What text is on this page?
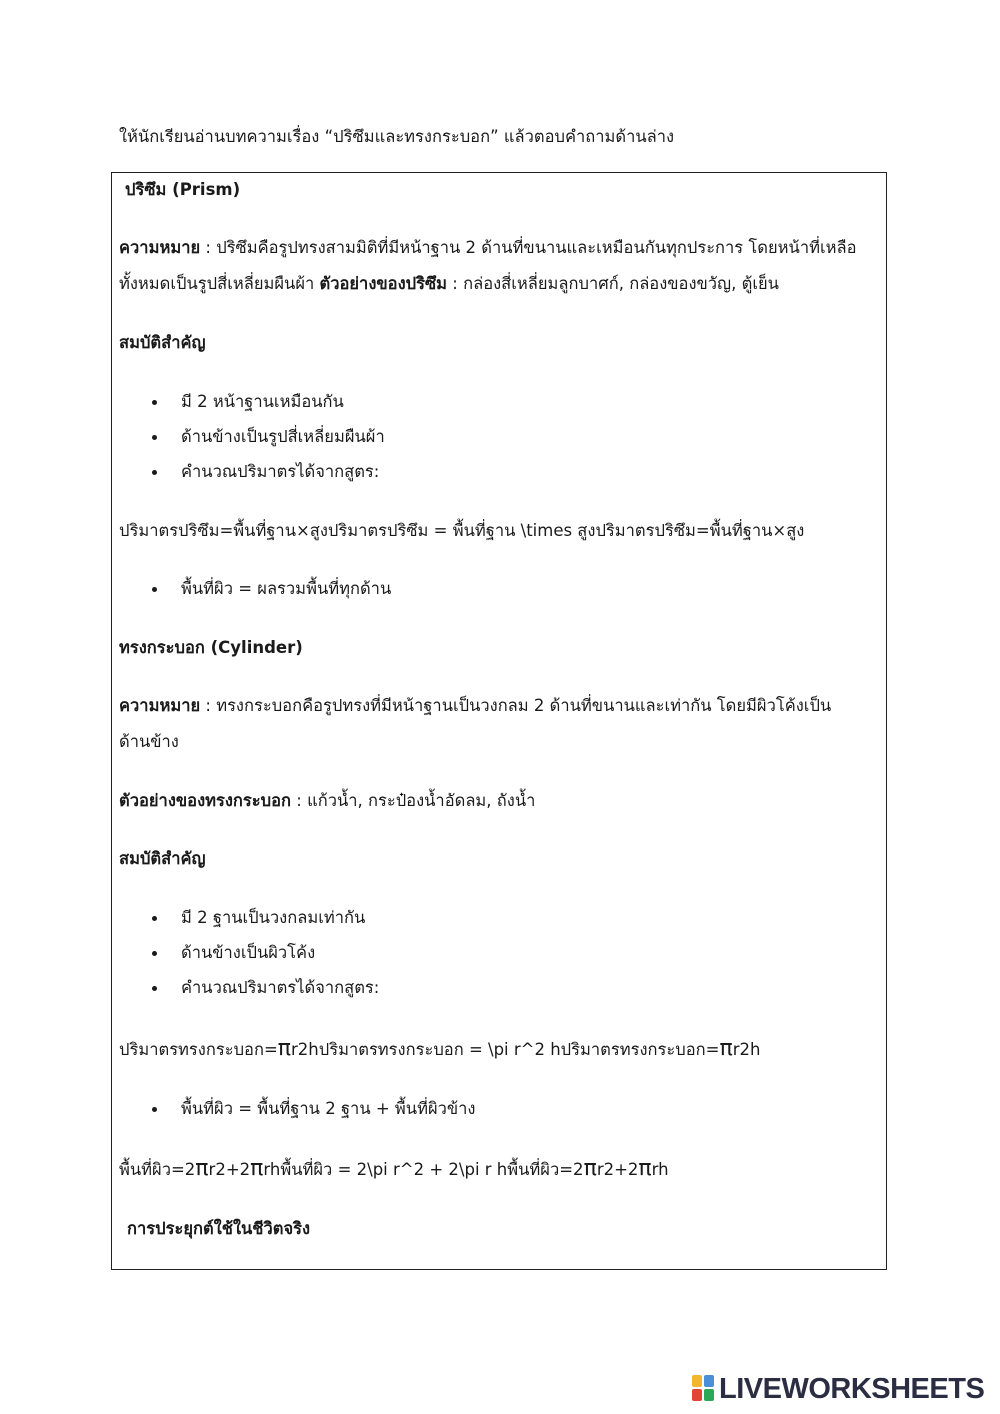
ให้นักเรียนอ่านบทความเรื่อง “ปริซึมและทรงกระบอก” แล้วตอบคำถามด้านล่าง
ปริซึม (Prism)
ความหมาย : ปริซึมคือรูปทรงสามมิติที่มีหน้าฐาน 2 ด้านที่ขนานและเหมือนกันทุกประการ โดยหน้าที่เหลือ
ทั้งหมดเป็นรูปสี่เหลี่ยมผืนผ้า ตัวอย่างของปริซึม : กล่องสี่เหลี่ยมลูกบาศก์, กล่องของขวัญ, ตู้เย็น
สมบัติสำคัญ
มี 2 หน้าฐานเหมือนกัน
ด้านข้างเป็นรูปสี่เหลี่ยมผืนผ้า
คำนวณปริมาตรได้จากสูตร:
ปริมาตรปริซึม=พื้นที่ฐาน×สูงปริมาตรปริซึม = พื้นที่ฐาน \times สูงปริมาตรปริซึม=พื้นที่ฐาน×สูง
พื้นที่ผิว = ผลรวมพื้นที่ทุกด้าน
ทรงกระบอก (Cylinder)
ความหมาย : ทรงกระบอกคือรูปทรงที่มีหน้าฐานเป็นวงกลม 2 ด้านที่ขนานและเท่ากัน โดยมีผิวโค้งเป็น
ด้านข้าง
ตัวอย่างของทรงกระบอก : แก้วน้ำ, กระป๋องน้ำอัดลม, ถังน้ำ
สมบัติสำคัญ
มี 2 ฐานเป็นวงกลมเท่ากัน
ด้านข้างเป็นผิวโค้ง
คำนวณปริมาตรได้จากสูตร:
ปริมาตรทรงกระบอก=πr2hปริมาตรทรงกระบอก = \pi r^2 hปริมาตรทรงกระบอก=πr2h
พื้นที่ผิว = พื้นที่ฐาน 2 ฐาน + พื้นที่ผิวข้าง
พื้นที่ผิว=2πr2+2πrhพื้นที่ผิว = 2\pi r^2 + 2\pi r hพื้นที่ผิว=2πr2+2πrh
การประยุกต์ใช้ในชีวิตจริง
LIVEWORKSHEETS
